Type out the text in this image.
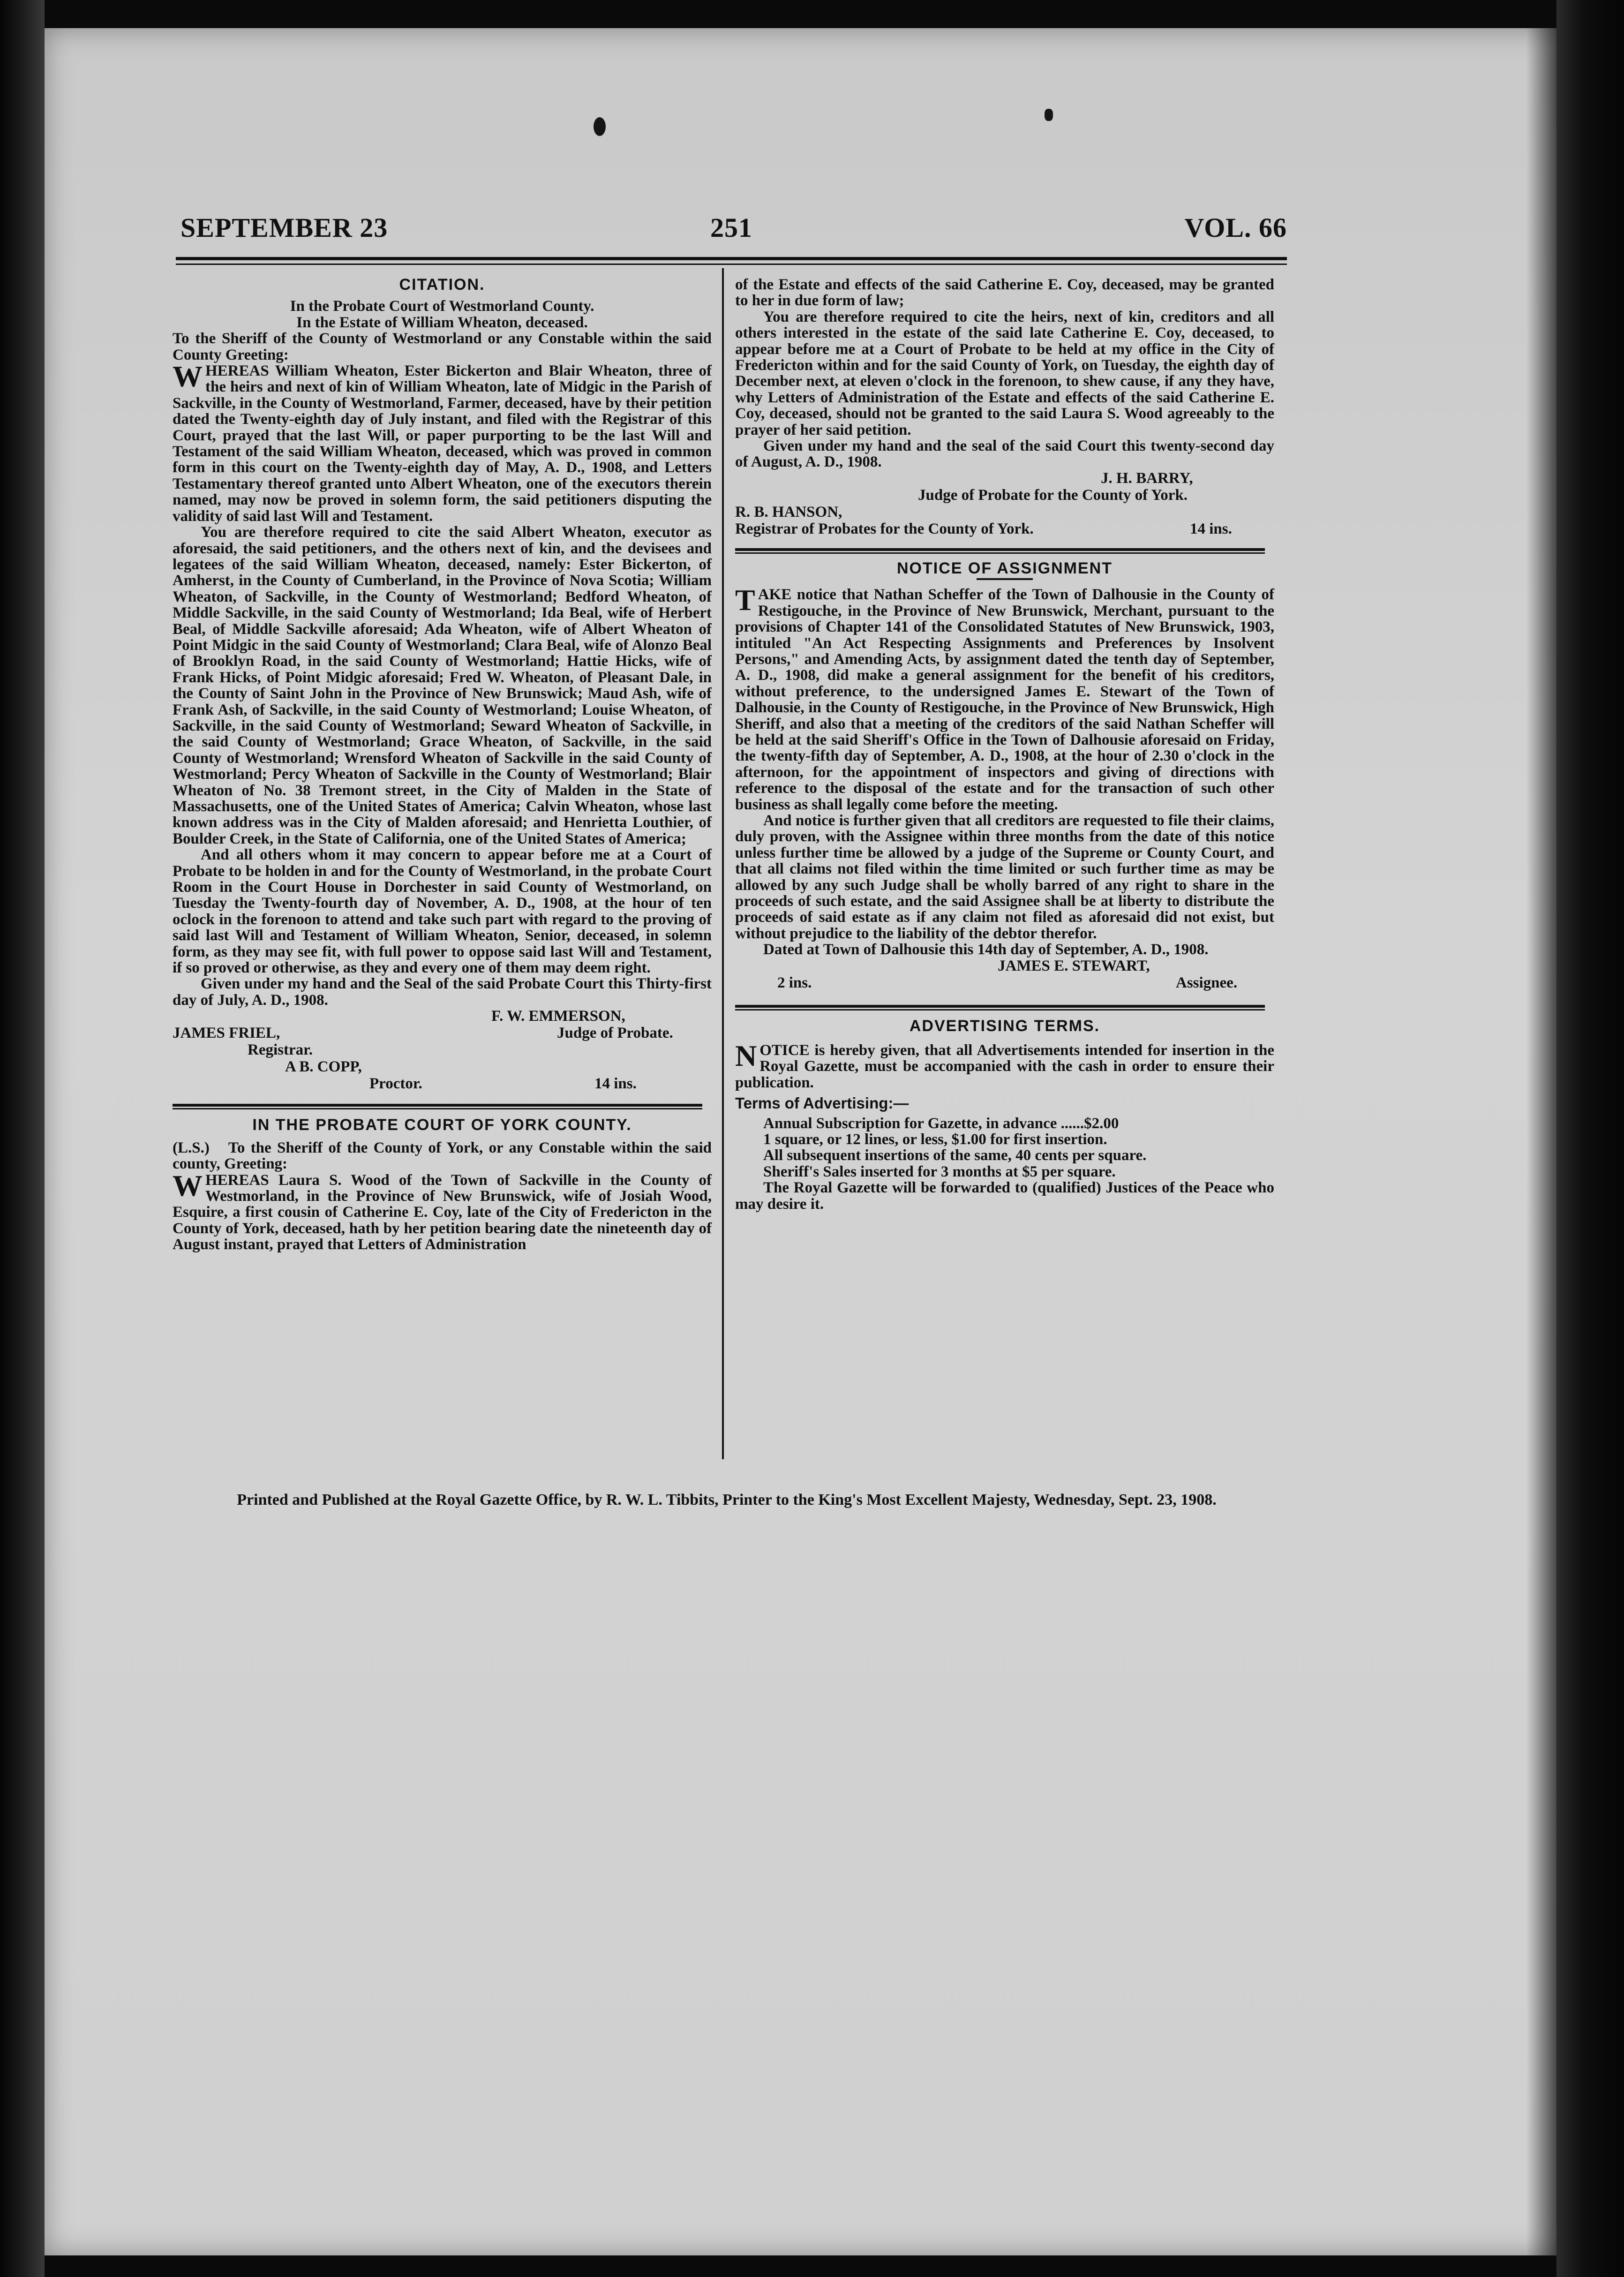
SEPTEMBER 23	251	VOL. 66
CITATION.

In the Probate Court of Westmorland County.

In the Estate of William Wheaton, deceased.

To the Sheriff of the County of Westmorland or any Constable within the said County Greeting:

WHEREAS William Wheaton, Ester Bickerton and Blair Wheaton, three of the heirs and next of kin of William Wheaton, late of Midgic in the Parish of Sackville, in the County of Westmorland, Farmer, deceased, have by their petition dated the Twenty-eighth day of July instant, and filed with the Registrar of this Court, prayed that the last Will, or paper purporting to be the last Will and Testament of the said William Wheaton, deceased, which was proved in common form in this court on the Twenty-eighth day of May, A. D., 1908, and Letters Testamentary thereof granted unto Albert Wheaton, one of the executors therein named, may now be proved in solemn form, the said petitioners disputing the validity of said last Will and Testament.

You are therefore required to cite the said Albert Wheaton, executor as aforesaid, the said petitioners, and the others next of kin, and the devisees and legatees of the said William Wheaton, deceased, namely: Ester Bickerton, of Amherst, in the County of Cumberland, in the Province of Nova Scotia; William Wheaton, of Sackville, in the County of Westmorland; Bedford Wheaton, of Middle Sackville, in the said County of Westmorland; Ida Beal, wife of Herbert Beal, of Middle Sackville aforesaid; Ada Wheaton, wife of Albert Wheaton of Point Midgic in the said County of Westmorland; Clara Beal, wife of Alonzo Beal of Brooklyn Road, in the said County of Westmorland; Hattie Hicks, wife of Frank Hicks, of Point Midgic aforesaid; Fred W. Wheaton, of Pleasant Dale, in the County of Saint John in the Province of New Brunswick; Maud Ash, wife of Frank Ash, of Sackville, in the said County of Westmorland; Louise Wheaton, of Sackville, in the said County of Westmorland; Seward Wheaton of Sackville, in the said County of Westmorland; Grace Wheaton, of Sackville, in the said County of Westmorland; Wrensford Wheaton of Sackville in the said County of Westmorland; Percy Wheaton of Sackville in the County of Westmorland; Blair Wheaton of No. 38 Tremont street, in the City of Malden in the State of Massachusetts, one of the United States of America; Calvin Wheaton, whose last known address was in the City of Malden aforesaid; and Henrietta Louthier, of Boulder Creek, in the State of California, one of the United States of America;

And all others whom it may concern to appear before me at a Court of Probate to be holden in and for the County of Westmorland, in the probate Court Room in the Court House in Dorchester in said County of Westmorland, on Tuesday the Twenty-fourth day of November, A. D., 1908, at the hour of ten oclock in the forenoon to attend and take such part with regard to the proving of said last Will and Testament of William Wheaton, Senior, deceased, in solemn form, as they may see fit, with full power to oppose said last Will and Testament, if so proved or otherwise, as they and every one of them may deem right.

Given under my hand and the Seal of the said Probate Court this Thirty-first day of July, A. D., 1908.

F. W. EMMERSON,
JAMES FRIEL,	Judge of Probate.
Registrar.
A B. COPP,
Proctor.	14 ins.
IN THE PROBATE COURT OF YORK COUNTY.

(L.S.) To the Sheriff of the County of York, or any Constable within the said county, Greeting:

WHEREAS Laura S. Wood of the Town of Sackville in the County of Westmorland, in the Province of New Brunswick, wife of Josiah Wood, Esquire, a first cousin of Catherine E. Coy, late of the City of Fredericton in the County of York, deceased, hath by her petition bearing date the nineteenth day of August instant, prayed that Letters of Administration

of the Estate and effects of the said Catherine E. Coy, deceased, may be granted to her in due form of law;

You are therefore required to cite the heirs, next of kin, creditors and all others interested in the estate of the said late Catherine E. Coy, deceased, to appear before me at a Court of Probate to be held at my office in the City of Fredericton within and for the said County of York, on Tuesday, the eighth day of December next, at eleven o'clock in the forenoon, to shew cause, if any they have, why Letters of Administration of the Estate and effects of the said Catherine E. Coy, deceased, should not be granted to the said Laura S. Wood agreeably to the prayer of her said petition.

Given under my hand and the seal of the said Court this twenty-second day of August, A. D., 1908.

J. H. BARRY,
Judge of Probate for the County of York.
R. B. HANSON,
Registrar of Probates for the County of York.	14 ins.
NOTICE OF ASSIGNMENT

TAKE notice that Nathan Scheffer of the Town of Dalhousie in the County of Restigouche, in the Province of New Brunswick, Merchant, pursuant to the provisions of Chapter 141 of the Consolidated Statutes of New Brunswick, 1903, intituled "An Act Respecting Assignments and Preferences by Insolvent Persons," and Amending Acts, by assignment dated the tenth day of September, A. D., 1908, did make a general assignment for the benefit of his creditors, without preference, to the undersigned James E. Stewart of the Town of Dalhousie, in the County of Restigouche, in the Province of New Brunswick, High Sheriff, and also that a meeting of the creditors of the said Nathan Scheffer will be held at the said Sheriff's Office in the Town of Dalhousie aforesaid on Friday, the twenty-fifth day of September, A. D., 1908, at the hour of 2.30 o'clock in the afternoon, for the appointment of inspectors and giving of directions with reference to the disposal of the estate and for the transaction of such other business as shall legally come before the meeting.

And notice is further given that all creditors are requested to file their claims, duly proven, with the Assignee within three months from the date of this notice unless further time be allowed by a judge of the Supreme or County Court, and that all claims not filed within the time limited or such further time as may be allowed by any such Judge shall be wholly barred of any right to share in the proceeds of such estate, and the said Assignee shall be at liberty to distribute the proceeds of said estate as if any claim not filed as aforesaid did not exist, but without prejudice to the liability of the debtor therefor.

Dated at Town of Dalhousie this 14th day of September, A. D., 1908.

JAMES E. STEWART,
2 ins.	Assignee.
ADVERTISING TERMS.

NOTICE is hereby given, that all Advertisements intended for insertion in the Royal Gazette, must be accompanied with the cash in order to ensure their publication.

Terms of Advertising:—

Annual Subscription for Gazette, in advance ......$2.00

1 square, or 12 lines, or less, $1.00 for first insertion.

All subsequent insertions of the same, 40 cents per square.

Sheriff's Sales inserted for 3 months at $5 per square.

The Royal Gazette will be forwarded to (qualified) Justices of the Peace who may desire it.

Printed and Published at the Royal Gazette Office, by R. W. L. Tibbits, Printer to the King's Most Excellent Majesty, Wednesday, Sept. 23, 1908.
